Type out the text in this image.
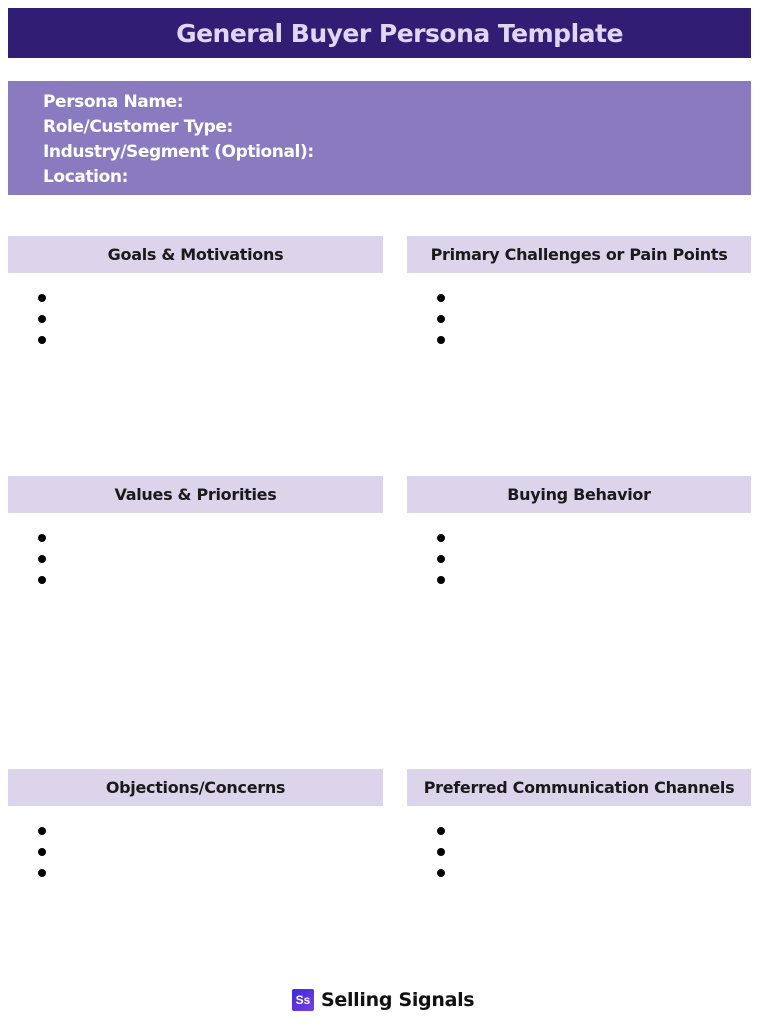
General Buyer Persona Template
Persona Name:
Role/Customer Type:
Industry/Segment (Optional):
Location:
Goals & Motivations	Primary Challenges or Pain Points
Values & Priorities	Buying Behavior
Objections/Concerns	Preferred Communication Channels
Ss Selling Signals
